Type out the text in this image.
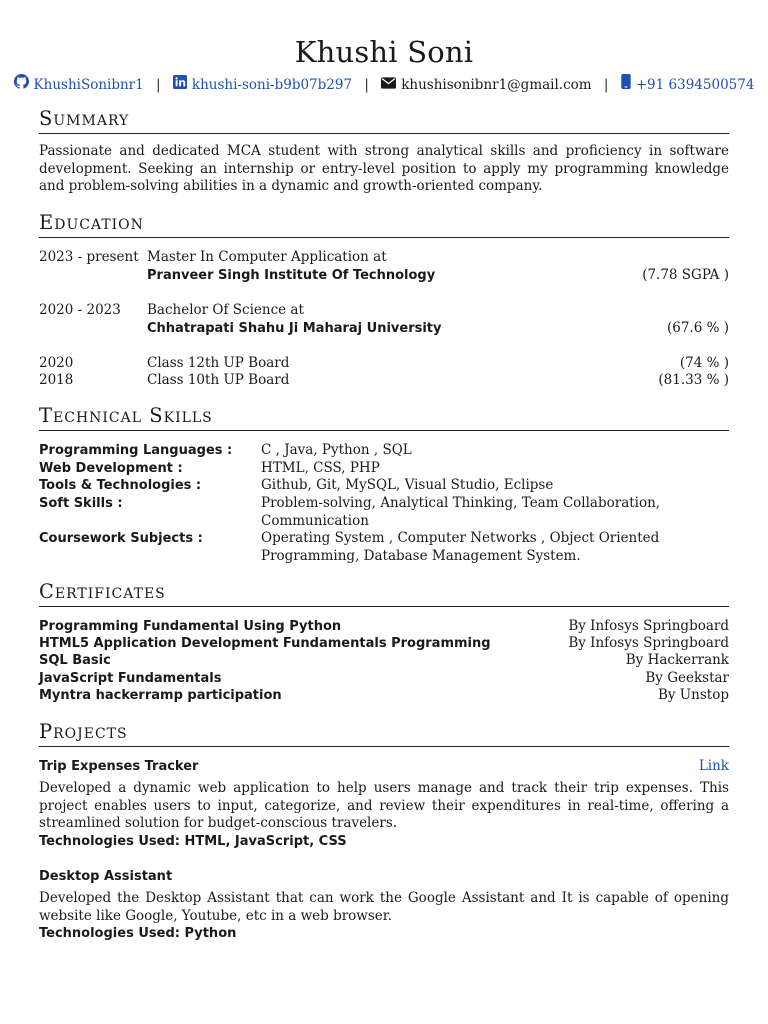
Khushi Soni
KhushiSonibnr1 | khushi-soni-b9b07b297 | khushisonibnr1@gmail.com | +91 6394500574
Summary
Passionate and dedicated MCA student with strong analytical skills and proficiency in software development. Seeking an internship or entry-level position to apply my programming knowledge and problem-solving abilities in a dynamic and growth-oriented company.
Education
2023 - present Master In Computer Application at
Pranveer Singh Institute Of Technology	(7.78 SGPA )
2020 - 2023 Bachelor Of Science at
Chhatrapati Shahu Ji Maharaj University	(67.6 % )
2020	Class 12th UP Board	(74 % )
2018	Class 10th UP Board	(81.33 % )
Technical Skills
Programming Languages : C , Java, Python , SQL
Web Development :	HTML, CSS, PHP
Tools & Technologies :	Github, Git, MySQL, Visual Studio, Eclipse
Soft Skills :	Problem-solving, Analytical Thinking, Team Collaboration, Communication
Coursework Subjects :	Operating System , Computer Networks , Object Oriented Programming, Database Management System.
Certificates
Programming Fundamental Using Python	By Infosys Springboard
HTML5 Application Development Fundamentals Programming	By Infosys Springboard
SQL Basic	By Hackerrank
JavaScript Fundamentals	By Geekstar
Myntra hackerramp participation	By Unstop
Projects
Trip Expenses Tracker	Link
Developed a dynamic web application to help users manage and track their trip expenses. This project enables users to input, categorize, and review their expenditures in real-time, offering a streamlined solution for budget-conscious travelers.
Technologies Used: HTML, JavaScript, CSS
Desktop Assistant
Developed the Desktop Assistant that can work the Google Assistant and It is capable of opening website like Google, Youtube, etc in a web browser.
Technologies Used: Python
